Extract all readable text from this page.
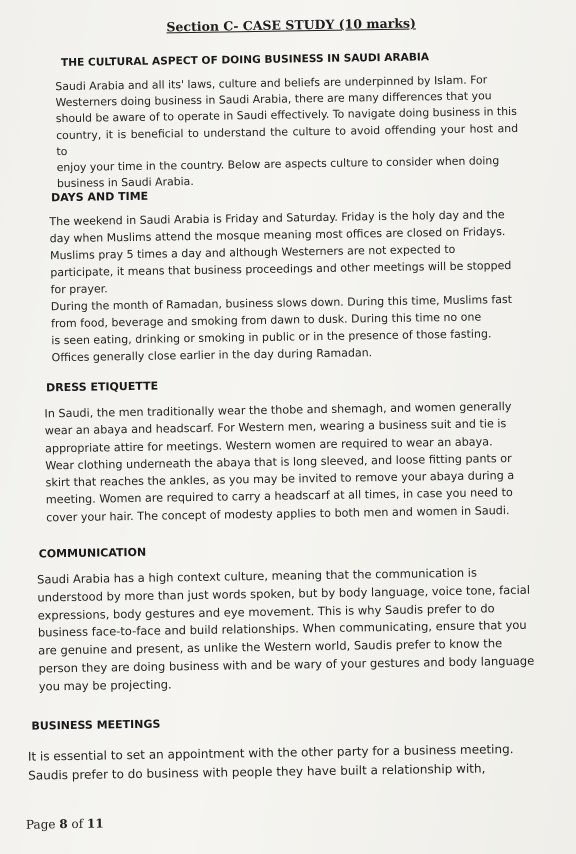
Section C- CASE STUDY (10 marks)
THE CULTURAL ASPECT OF DOING BUSINESS IN SAUDI ARABIA
Saudi Arabia and all its' laws, culture and beliefs are underpinned by Islam. For
Westerners doing business in Saudi Arabia, there are many differences that you
should be aware of to operate in Saudi effectively. To navigate doing business in this
country, it is beneficial to understand the culture to avoid offending your host and to
enjoy your time in the country. Below are aspects culture to consider when doing
business in Saudi Arabia.
DAYS AND TIME
The weekend in Saudi Arabia is Friday and Saturday. Friday is the holy day and the
day when Muslims attend the mosque meaning most offices are closed on Fridays.
Muslims pray 5 times a day and although Westerners are not expected to
participate, it means that business proceedings and other meetings will be stopped
for prayer.
During the month of Ramadan, business slows down. During this time, Muslims fast
from food, beverage and smoking from dawn to dusk. During this time no one
is seen eating, drinking or smoking in public or in the presence of those fasting.
Offices generally close earlier in the day during Ramadan.
DRESS ETIQUETTE
In Saudi, the men traditionally wear the thobe and shemagh, and women generally
wear an abaya and headscarf. For Western men, wearing a business suit and tie is
appropriate attire for meetings. Western women are required to wear an abaya.
Wear clothing underneath the abaya that is long sleeved, and loose fitting pants or
skirt that reaches the ankles, as you may be invited to remove your abaya during a
meeting. Women are required to carry a headscarf at all times, in case you need to
cover your hair. The concept of modesty applies to both men and women in Saudi.
COMMUNICATION
Saudi Arabia has a high context culture, meaning that the communication is
understood by more than just words spoken, but by body language, voice tone, facial
expressions, body gestures and eye movement. This is why Saudis prefer to do
business face-to-face and build relationships. When communicating, ensure that you
are genuine and present, as unlike the Western world, Saudis prefer to know the
person they are doing business with and be wary of your gestures and body language
you may be projecting.
BUSINESS MEETINGS
It is essential to set an appointment with the other party for a business meeting.
Saudis prefer to do business with people they have built a relationship with,
Page 8 of 11
